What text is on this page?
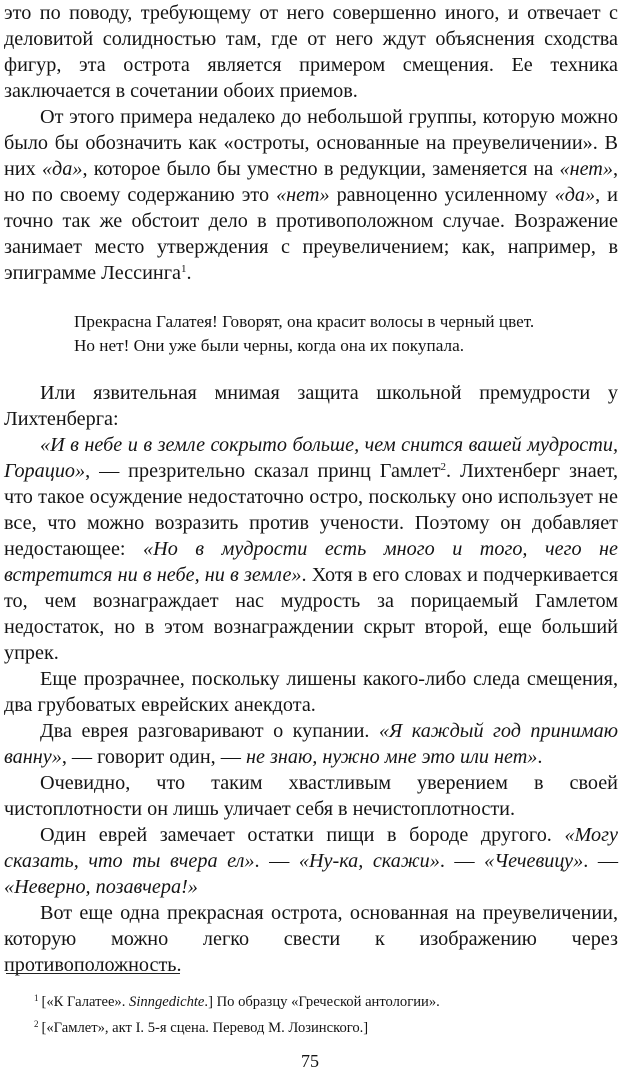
это по поводу, требующему от него совершенно иного, и отвечает с деловитой солидностью там, где от него ждут объяснения сходства фигур, эта острота является примером смещения. Ее техника заключается в сочетании обоих приемов.

От этого примера недалеко до небольшой группы, которую можно было бы обозначить как «остроты, основанные на преувеличении». В них «да», которое было бы уместно в редукции, заменяется на «нет», но по своему содержанию это «нет» равноценно усиленному «да», и точно так же обстоит дело в противоположном случае. Возражение занимает место утверждения с преувеличением; как, например, в эпиграмме Лессинга$^1$.

Прекрасна Галатея! Говорят, она красит волосы в черный цвет.
Но нет! Они уже были черны, когда она их покупала.

Или язвительная мнимая защита школьной премудрости у Лихтенберга:

«И в небе и в земле сокрыто больше, чем снится вашей мудрости, Горацио», — презрительно сказал принц Гамлет$^2$. Лихтенберг знает, что такое осуждение недостаточно остро, поскольку оно использует не все, что можно возразить против учености. Поэтому он добавляет недостающее: «Но в мудрости есть много и того, чего не встретится ни в небе, ни в земле». Хотя в его словах и подчеркивается то, чем вознаграждает нас мудрость за порицаемый Гамлетом недостаток, но в этом вознаграждении скрыт второй, еще больший упрек.

Еще прозрачнее, поскольку лишены какого-либо следа смещения, два грубоватых еврейских анекдота.

Два еврея разговаривают о купании. «Я каждый год принимаю ванну», — говорит один, — не знаю, нужно мне это или нет».

Очевидно, что таким хвастливым уверением в своей чистоплотности он лишь уличает себя в нечистоплотности.

Один еврей замечает остатки пищи в бороде другого. «Могу сказать, что ты вчера ел». — «Ну-ка, скажи». — «Чечевицу». — «Неверно, позавчера!»

Вот еще одна прекрасная острота, основанная на преувеличении, которую можно легко свести к изображению через противоположность.

$^1$ [«К Галатее». Sinngedichte.] По образцу «Греческой антологии».
$^2$ [«Гамлет», акт I. 5-я сцена. Перевод М. Лозинского.]
75
